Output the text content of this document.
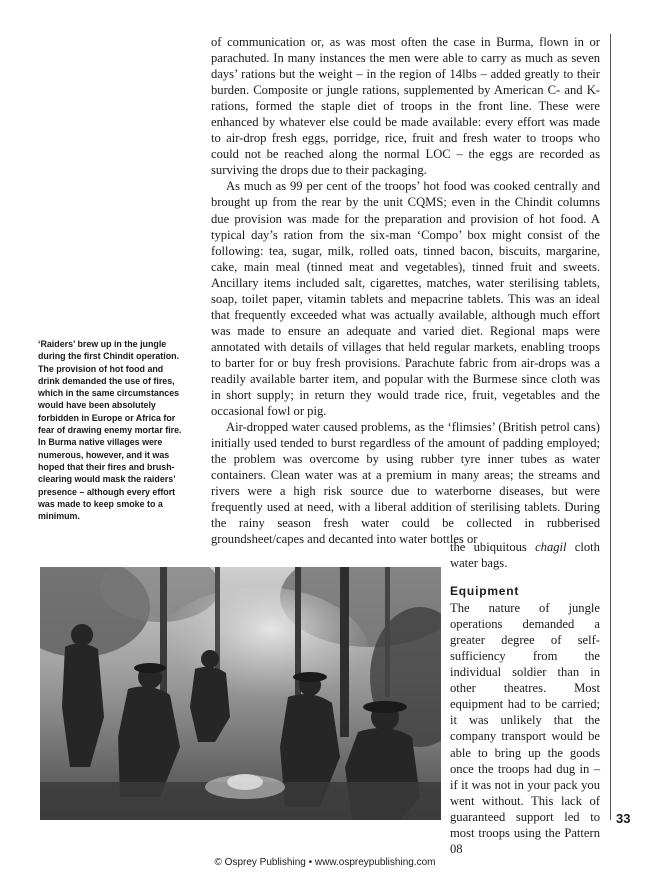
of communication or, as was most often the case in Burma, flown in or parachuted. In many instances the men were able to carry as much as seven days’ rations but the weight – in the region of 14lbs – added greatly to their burden. Composite or jungle rations, supplemented by American C- and K-rations, formed the staple diet of troops in the front line. These were enhanced by whatever else could be made available: every effort was made to air-drop fresh eggs, porridge, rice, fruit and fresh water to troops who could not be reached along the normal LOC – the eggs are recorded as surviving the drops due to their packaging.

As much as 99 per cent of the troops’ hot food was cooked centrally and brought up from the rear by the unit CQMS; even in the Chindit columns due provision was made for the preparation and provision of hot food. A typical day’s ration from the six-man ‘Compo’ box might consist of the following: tea, sugar, milk, rolled oats, tinned bacon, biscuits, margarine, cake, main meal (tinned meat and vegetables), tinned fruit and sweets. Ancillary items included salt, cigarettes, matches, water sterilising tablets, soap, toilet paper, vitamin tablets and mepacrine tablets. This was an ideal that frequently exceeded what was actually available, although much effort was made to ensure an adequate and varied diet. Regional maps were annotated with details of villages that held regular markets, enabling troops to barter for or buy fresh provisions. Parachute fabric from air-drops was a readily available barter item, and popular with the Burmese since cloth was in short supply; in return they would trade rice, fruit, vegetables and the occasional fowl or pig.

Air-dropped water caused problems, as the ‘flimsies’ (British petrol cans) initially used tended to burst regardless of the amount of padding employed; the problem was overcome by using rubber tyre inner tubes as water containers. Clean water was at a premium in many areas; the streams and rivers were a high risk source due to waterborne diseases, but were frequently used at need, with a liberal addition of sterilising tablets. During the rainy season fresh water could be collected in rubberised groundsheet/capes and decanted into water bottles or

the ubiquitous chagil cloth water bags.

Equipment

The nature of jungle operations demanded a greater degree of self-sufficiency from the individual soldier than in other theatres. Most equipment had to be carried; it was unlikely that the company transport would be able to bring up the goods once the troops had dug in – if it was not in your pack you went without. This lack of guaranteed support led to most troops using the Pattern 08

‘Raiders’ brew up in the jungle during the first Chindit operation. The provision of hot food and drink demanded the use of fires, which in the same circumstances would have been absolutely forbidden in Europe or Africa for fear of drawing enemy mortar fire. In Burma native villages were numerous, however, and it was hoped that their fires and brush-clearing would mask the raiders’ presence – although every effort was made to keep smoke to a minimum.

33
© Osprey Publishing • www.ospreypublishing.com
